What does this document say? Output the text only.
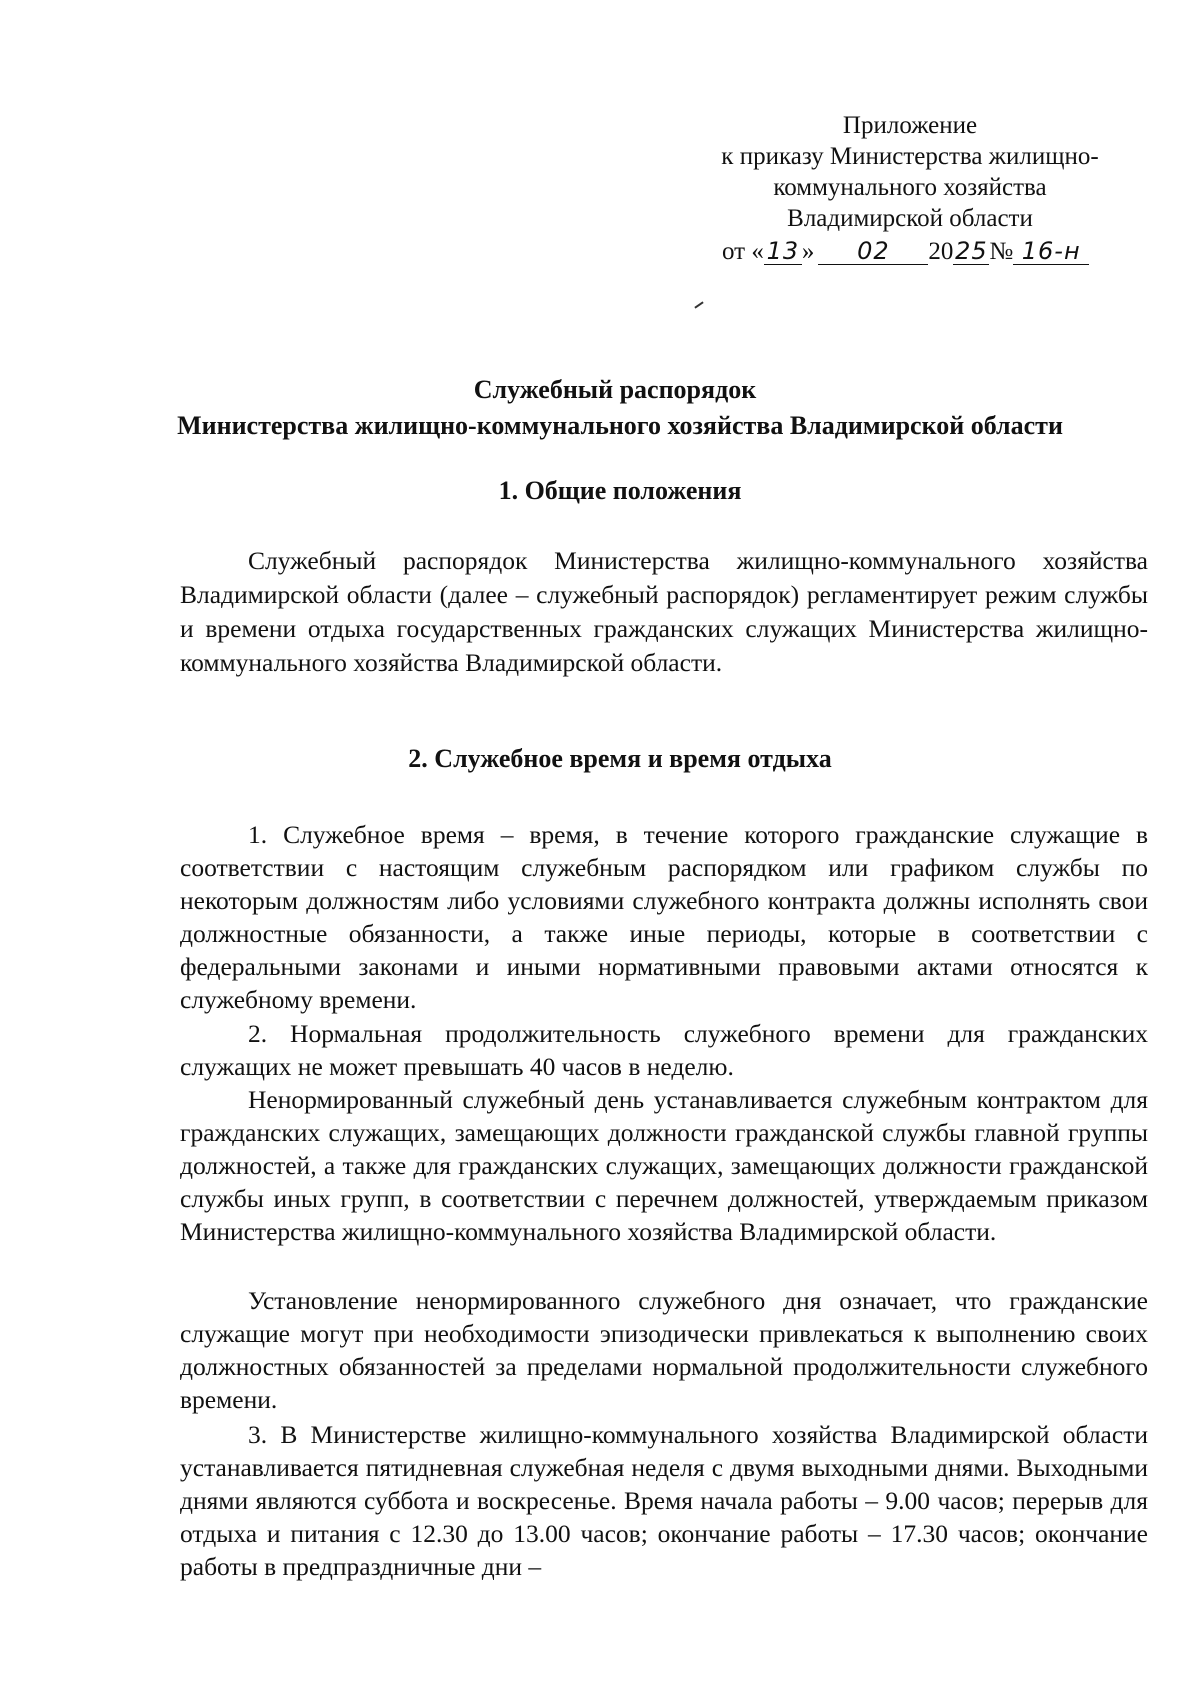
Приложение
к приказу Министерства жилищно-
коммунального хозяйства
Владимирской области
от « 13 » 02 2025№ 16-н
Служебный распорядок
Министерства жилищно-коммунального хозяйства Владимирской области
1. Общие положения

Служебный распорядок Министерства жилищно-коммунального хозяйства Владимирской области (далее – служебный распорядок) регламентирует режим службы и времени отдыха государственных гражданских служащих Министерства жилищно-коммунального хозяйства Владимирской области.

2. Служебное время и время отдыха

1. Служебное время – время, в течение которого гражданские служащие в соответствии с настоящим служебным распорядком или графиком службы по некоторым должностям либо условиями служебного контракта должны исполнять свои должностные обязанности, а также иные периоды, которые в соответствии с федеральными законами и иными нормативными правовыми актами относятся к служебному времени.

2. Нормальная продолжительность служебного времени для гражданских служащих не может превышать 40 часов в неделю.

Ненормированный служебный день устанавливается служебным контрактом для гражданских служащих, замещающих должности гражданской службы главной группы должностей, а также для гражданских служащих, замещающих должности гражданской службы иных групп, в соответствии с перечнем должностей, утверждаемым приказом Министерства жилищно-коммунального хозяйства Владимирской области.

Установление ненормированного служебного дня означает, что гражданские служащие могут при необходимости эпизодически привлекаться к выполнению своих должностных обязанностей за пределами нормальной продолжительности служебного времени.

3. В Министерстве жилищно-коммунального хозяйства Владимирской области устанавливается пятидневная служебная неделя с двумя выходными днями. Выходными днями являются суббота и воскресенье. Время начала работы – 9.00 часов; перерыв для отдыха и питания с 12.30 до 13.00 часов; окончание работы – 17.30 часов; окончание работы в предпраздничные дни –
